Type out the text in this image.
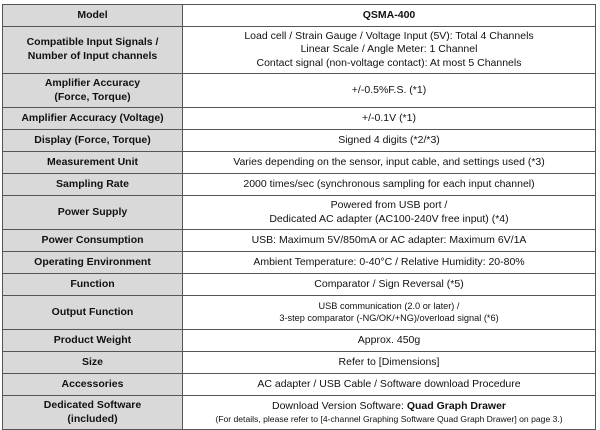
Model	QSMA-400

Compatible Input Signals /
Number of Input channels	Load cell / Strain Gauge / Voltage Input (5V): Total 4 Channels
Linear Scale / Angle Meter: 1 Channel
Contact signal (non-voltage contact): At most 5 Channels

Amplifier Accuracy
(Force, Torque)	+/-0.5%F.S. (*1)

Amplifier Accuracy (Voltage)	+/-0.1V (*1)

Display (Force, Torque)	Signed 4 digits (*2/*3)

Measurement Unit	Varies depending on the sensor, input cable, and settings used (*3)

Sampling Rate	2000 times/sec (synchronous sampling for each input channel)

Power Supply	Powered from USB port /
Dedicated AC adapter (AC100-240V free input) (*4)

Power Consumption	USB: Maximum 5V/850mA or AC adapter: Maximum 6V/1A

Operating Environment	Ambient Temperature: 0-40°C / Relative Humidity: 20-80%

Function	Comparator / Sign Reversal (*5)

Output Function	USB communication (2.0 or later) /
3-step comparator (-NG/OK/+NG)/overload signal (*6)

Product Weight	Approx. 450g

Size	Refer to [Dimensions]

Accessories	AC adapter / USB Cable / Software download Procedure

Dedicated Software
(included)	Download Version Software: Quad Graph Drawer
(For details, please refer to [4-channel Graphing Software Quad Graph Drawer] on page 3.)
